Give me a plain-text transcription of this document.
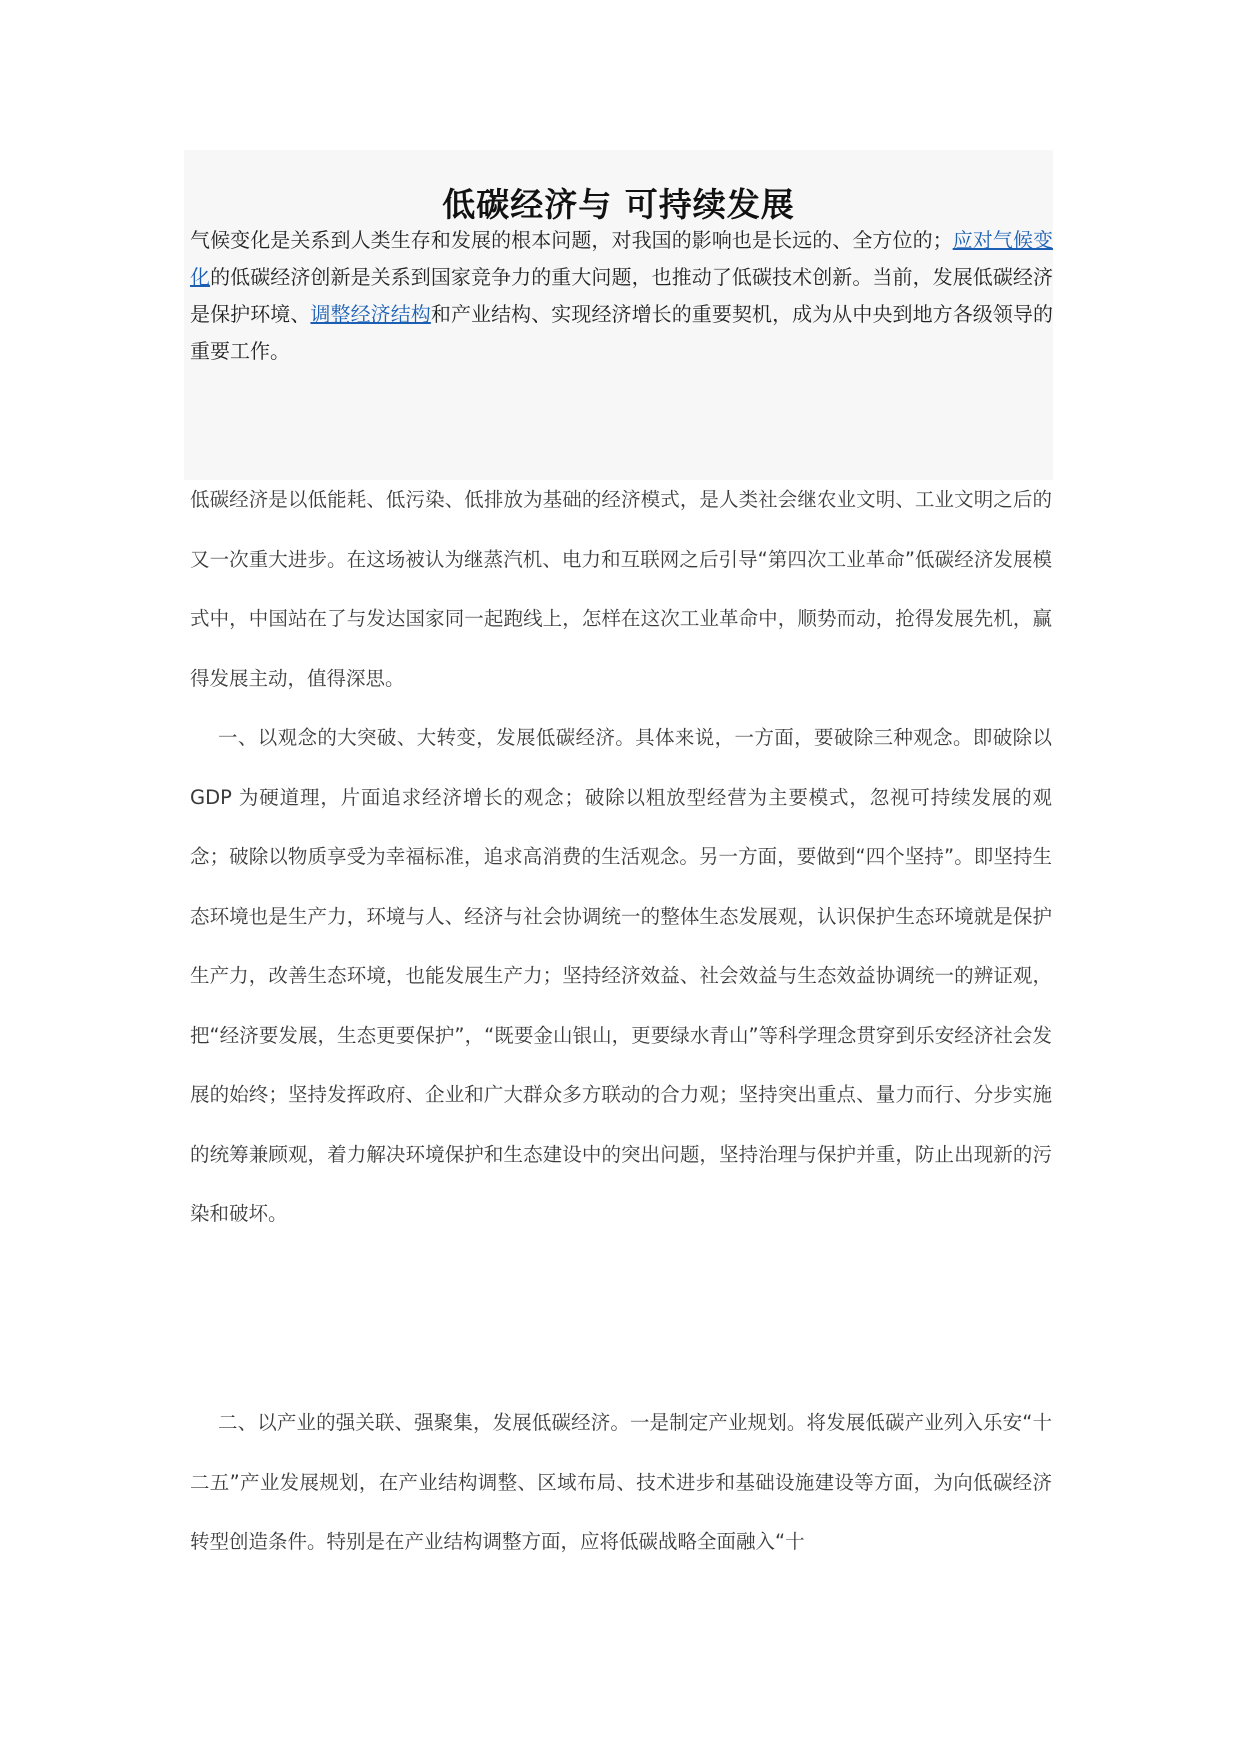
低碳经济与 可持续发展

气候变化是关系到人类生存和发展的根本问题，对我国的影响也是长远的、全方位的；应对气候变化的低碳经济创新是关系到国家竞争力的重大问题，也推动了低碳技术创新。当前，发展低碳经济是保护环境、调整经济结构和产业结构、实现经济增长的重要契机，成为从中央到地方各级领导的重要工作。

低碳经济是以低能耗、低污染、低排放为基础的经济模式，是人类社会继农业文明、工业文明之后的又一次重大进步。在这场被认为继蒸汽机、电力和互联网之后引导“第四次工业革命”低碳经济发展模式中，中国站在了与发达国家同一起跑线上，怎样在这次工业革命中，顺势而动，抢得发展先机，赢得发展主动，值得深思。

一、以观念的大突破、大转变，发展低碳经济。具体来说，一方面，要破除三种观念。即破除以 GDP 为硬道理，片面追求经济增长的观念；破除以粗放型经营为主要模式，忽视可持续发展的观念；破除以物质享受为幸福标准，追求高消费的生活观念。另一方面，要做到“四个坚持”。即坚持生态环境也是生产力，环境与人、经济与社会协调统一的整体生态发展观，认识保护生态环境就是保护生产力，改善生态环境，也能发展生产力；坚持经济效益、社会效益与生态效益协调统一的辨证观，把“经济要发展，生态更要保护”，“既要金山银山，更要绿水青山”等科学理念贯穿到乐安经济社会发展的始终；坚持发挥政府、企业和广大群众多方联动的合力观；坚持突出重点、量力而行、分步实施的统筹兼顾观，着力解决环境保护和生态建设中的突出问题，坚持治理与保护并重，防止出现新的污染和破坏。

二、以产业的强关联、强聚集，发展低碳经济。一是制定产业规划。将发展低碳产业列入乐安“十二五”产业发展规划，在产业结构调整、区域布局、技术进步和基础设施建设等方面，为向低碳经济转型创造条件。特别是在产业结构调整方面，应将低碳战略全面融入“十
